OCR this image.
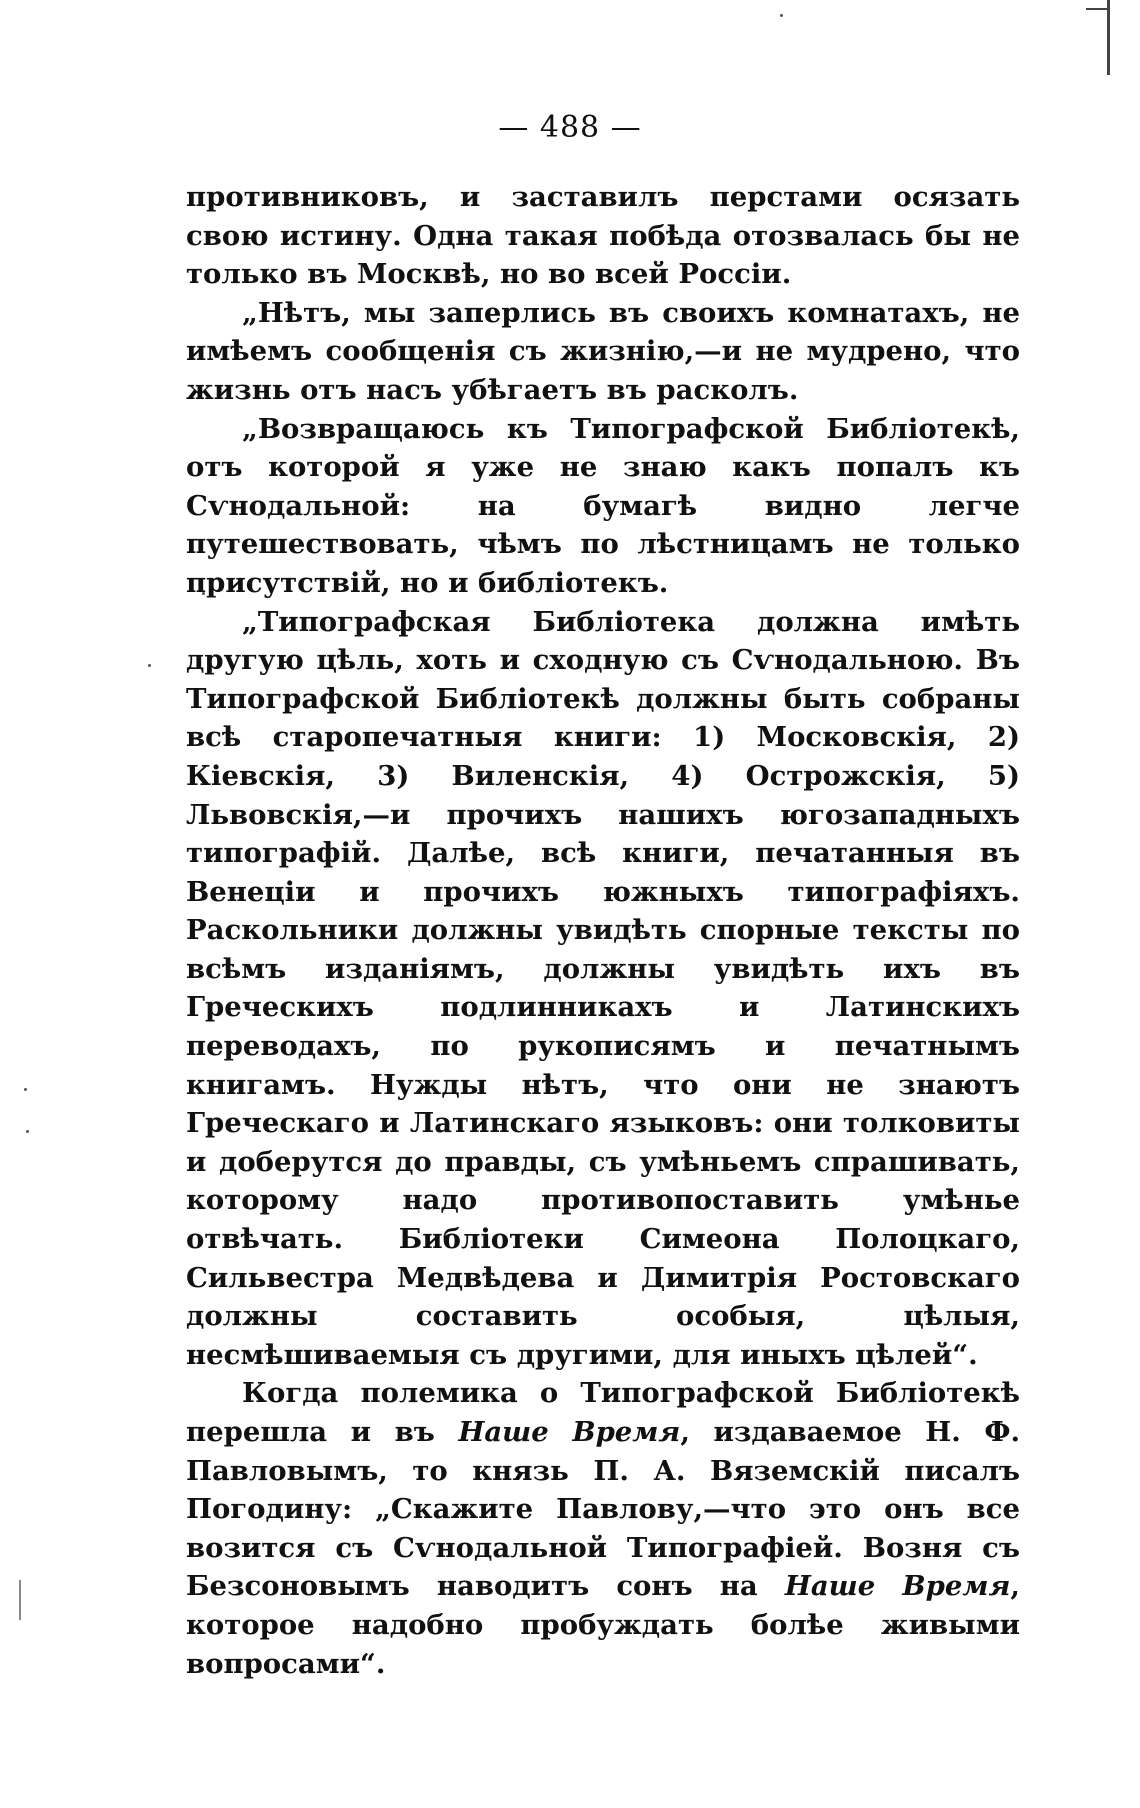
— 488 —

противниковъ, и заставилъ перстами осязать свою истину. Одна такая побѣда отозвалась бы не только въ Москвѣ, но во всей Россіи.

„Нѣтъ, мы заперлись въ своихъ комнатахъ, не имѣемъ сообщенія съ жизнію,—и не мудрено, что жизнь отъ насъ убѣгаетъ въ расколъ.

„Возвращаюсь къ Типографской Библіотекѣ, отъ которой я уже не знаю какъ попалъ къ Сѵнодальной: на бумагѣ видно легче путешествовать, чѣмъ по лѣстницамъ не только присутствій, но и библіотекъ.

„Типографская Библіотека должна имѣть другую цѣль, хоть и сходную съ Сѵнодальною. Въ Типографской Библіотекѣ должны быть собраны всѣ старопечатныя книги: 1) Московскія, 2) Кіевскія, 3) Виленскія, 4) Острожскія, 5) Львовскія,—и прочихъ нашихъ югозападныхъ типографій. Далѣе, всѣ книги, печатанныя въ Венеціи и прочихъ южныхъ типографіяхъ. Раскольники должны увидѣть спорные тексты по всѣмъ изданіямъ, должны увидѣть ихъ въ Греческихъ подлинникахъ и Латинскихъ переводахъ, по рукописямъ и печатнымъ книгамъ. Нужды нѣтъ, что они не знаютъ Греческаго и Латинскаго языковъ: они толковиты и доберутся до правды, съ умѣньемъ спрашивать, которому надо противопоставить умѣнье отвѣчать. Библіотеки Симеона Полоцкаго, Сильвестра Медвѣдева и Димитрія Ростовскаго должны составить особыя, цѣлыя, несмѣшиваемыя съ другими, для иныхъ цѣлей“.

Когда полемика о Типографской Библіотекѣ перешла и въ Наше Время, издаваемое Н. Ф. Павловымъ, то князь П. А. Вяземскій писалъ Погодину: „Скажите Павлову,—что это онъ все возится съ Сѵнодальной Типографіей. Возня съ Безсоновымъ наводитъ сонъ на Наше Время, которое надобно пробуждать болѣе живыми вопросами“.
